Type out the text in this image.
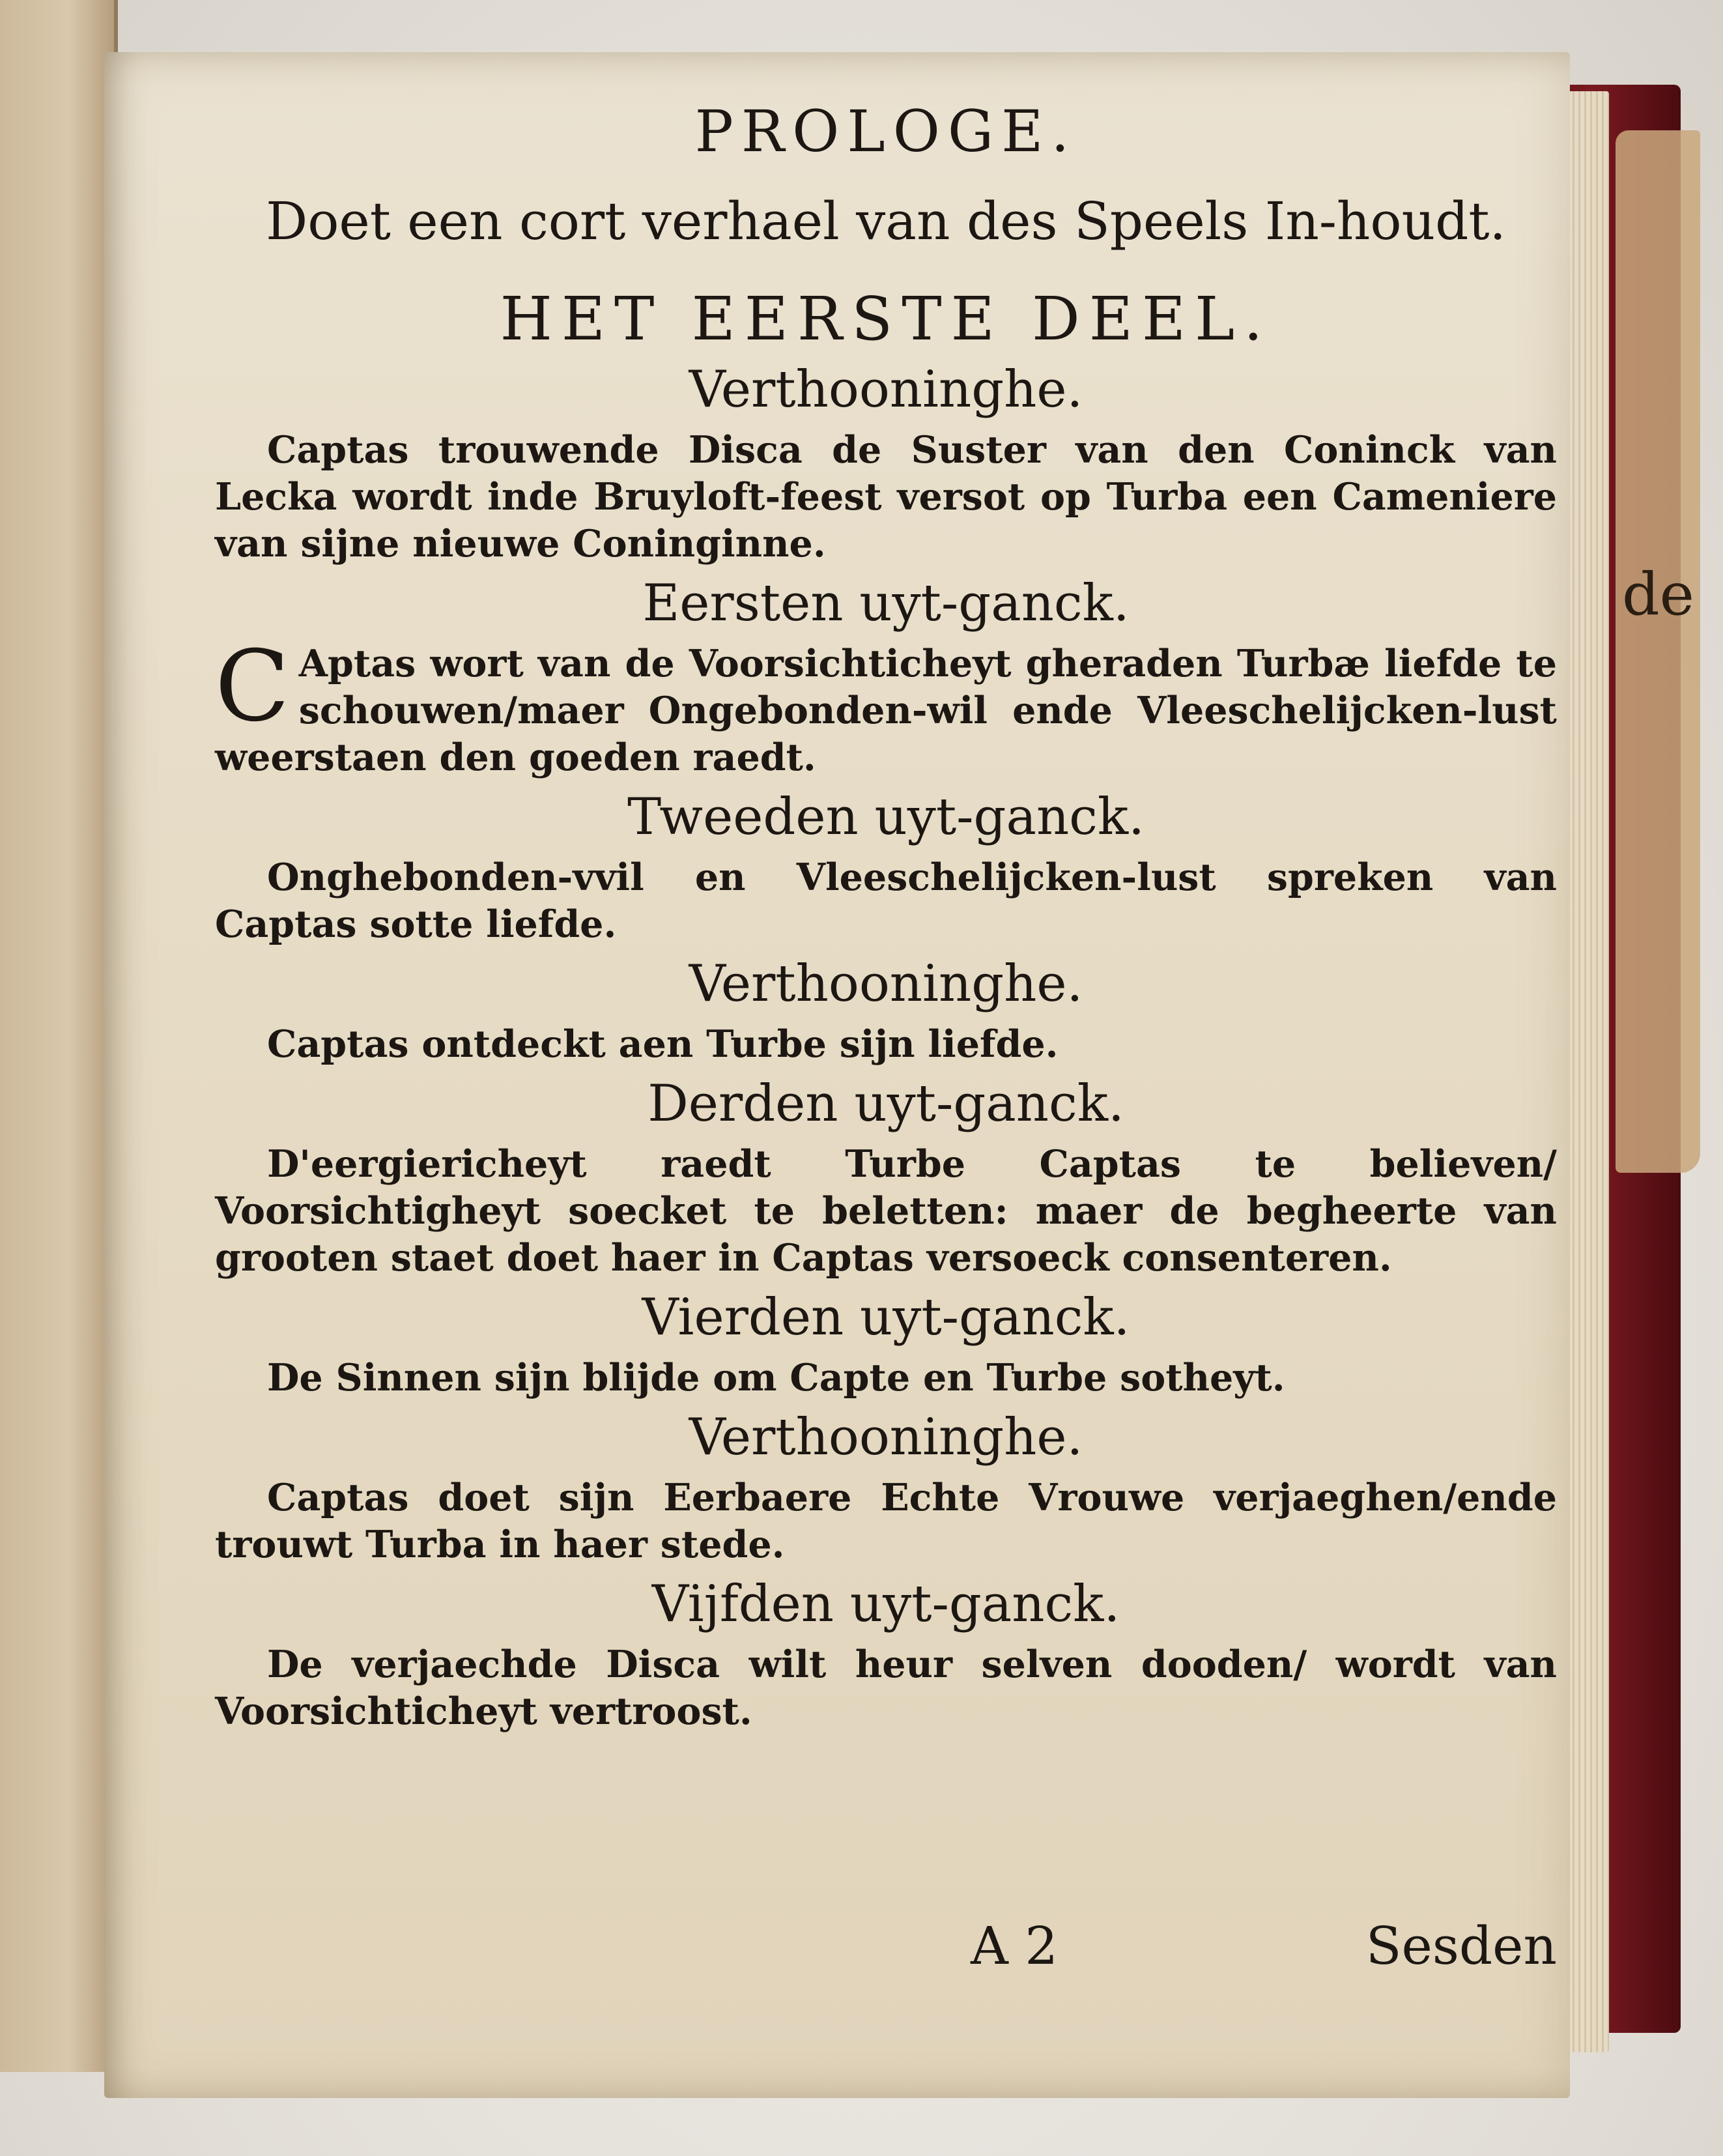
de
PROLOGE.
Doet een cort verhael van des Speels In-houdt.
HET EERSTE DEEL.
Verthooninghe.

Captas trouwende Disca de Suster van den Coninck van Lecka wordt inde Bruyloft-feest versot op Turba een Cameniere van sijne nieuwe Coninginne.

Eersten uyt-ganck.

C Aptas wort van de Voorsichticheyt gheraden Turbæ liefde te schouwen/maer Ongebonden-wil ende Vleeschelijcken-lust weerstaen den goeden raedt.

Tweeden uyt-ganck.

Onghebonden-vvil en Vleeschelijcken-lust spreken van Captas sotte liefde.

Verthooninghe.

Captas ontdeckt aen Turbe sijn liefde.

Derden uyt-ganck.

D'eergiericheyt raedt Turbe Captas te believen/ Voorsichtigheyt soecket te beletten: maer de begheerte van grooten staet doet haer in Captas versoeck consenteren.

Vierden uyt-ganck.

De Sinnen sijn blijde om Capte en Turbe sotheyt.

Verthooninghe.

Captas doet sijn Eerbaere Echte Vrouwe verjaeghen/ende trouwt Turba in haer stede.

Vijfden uyt-ganck.

De verjaechde Disca wilt heur selven dooden/ wordt van Voorsichticheyt vertroost.

A 2	Sesden
